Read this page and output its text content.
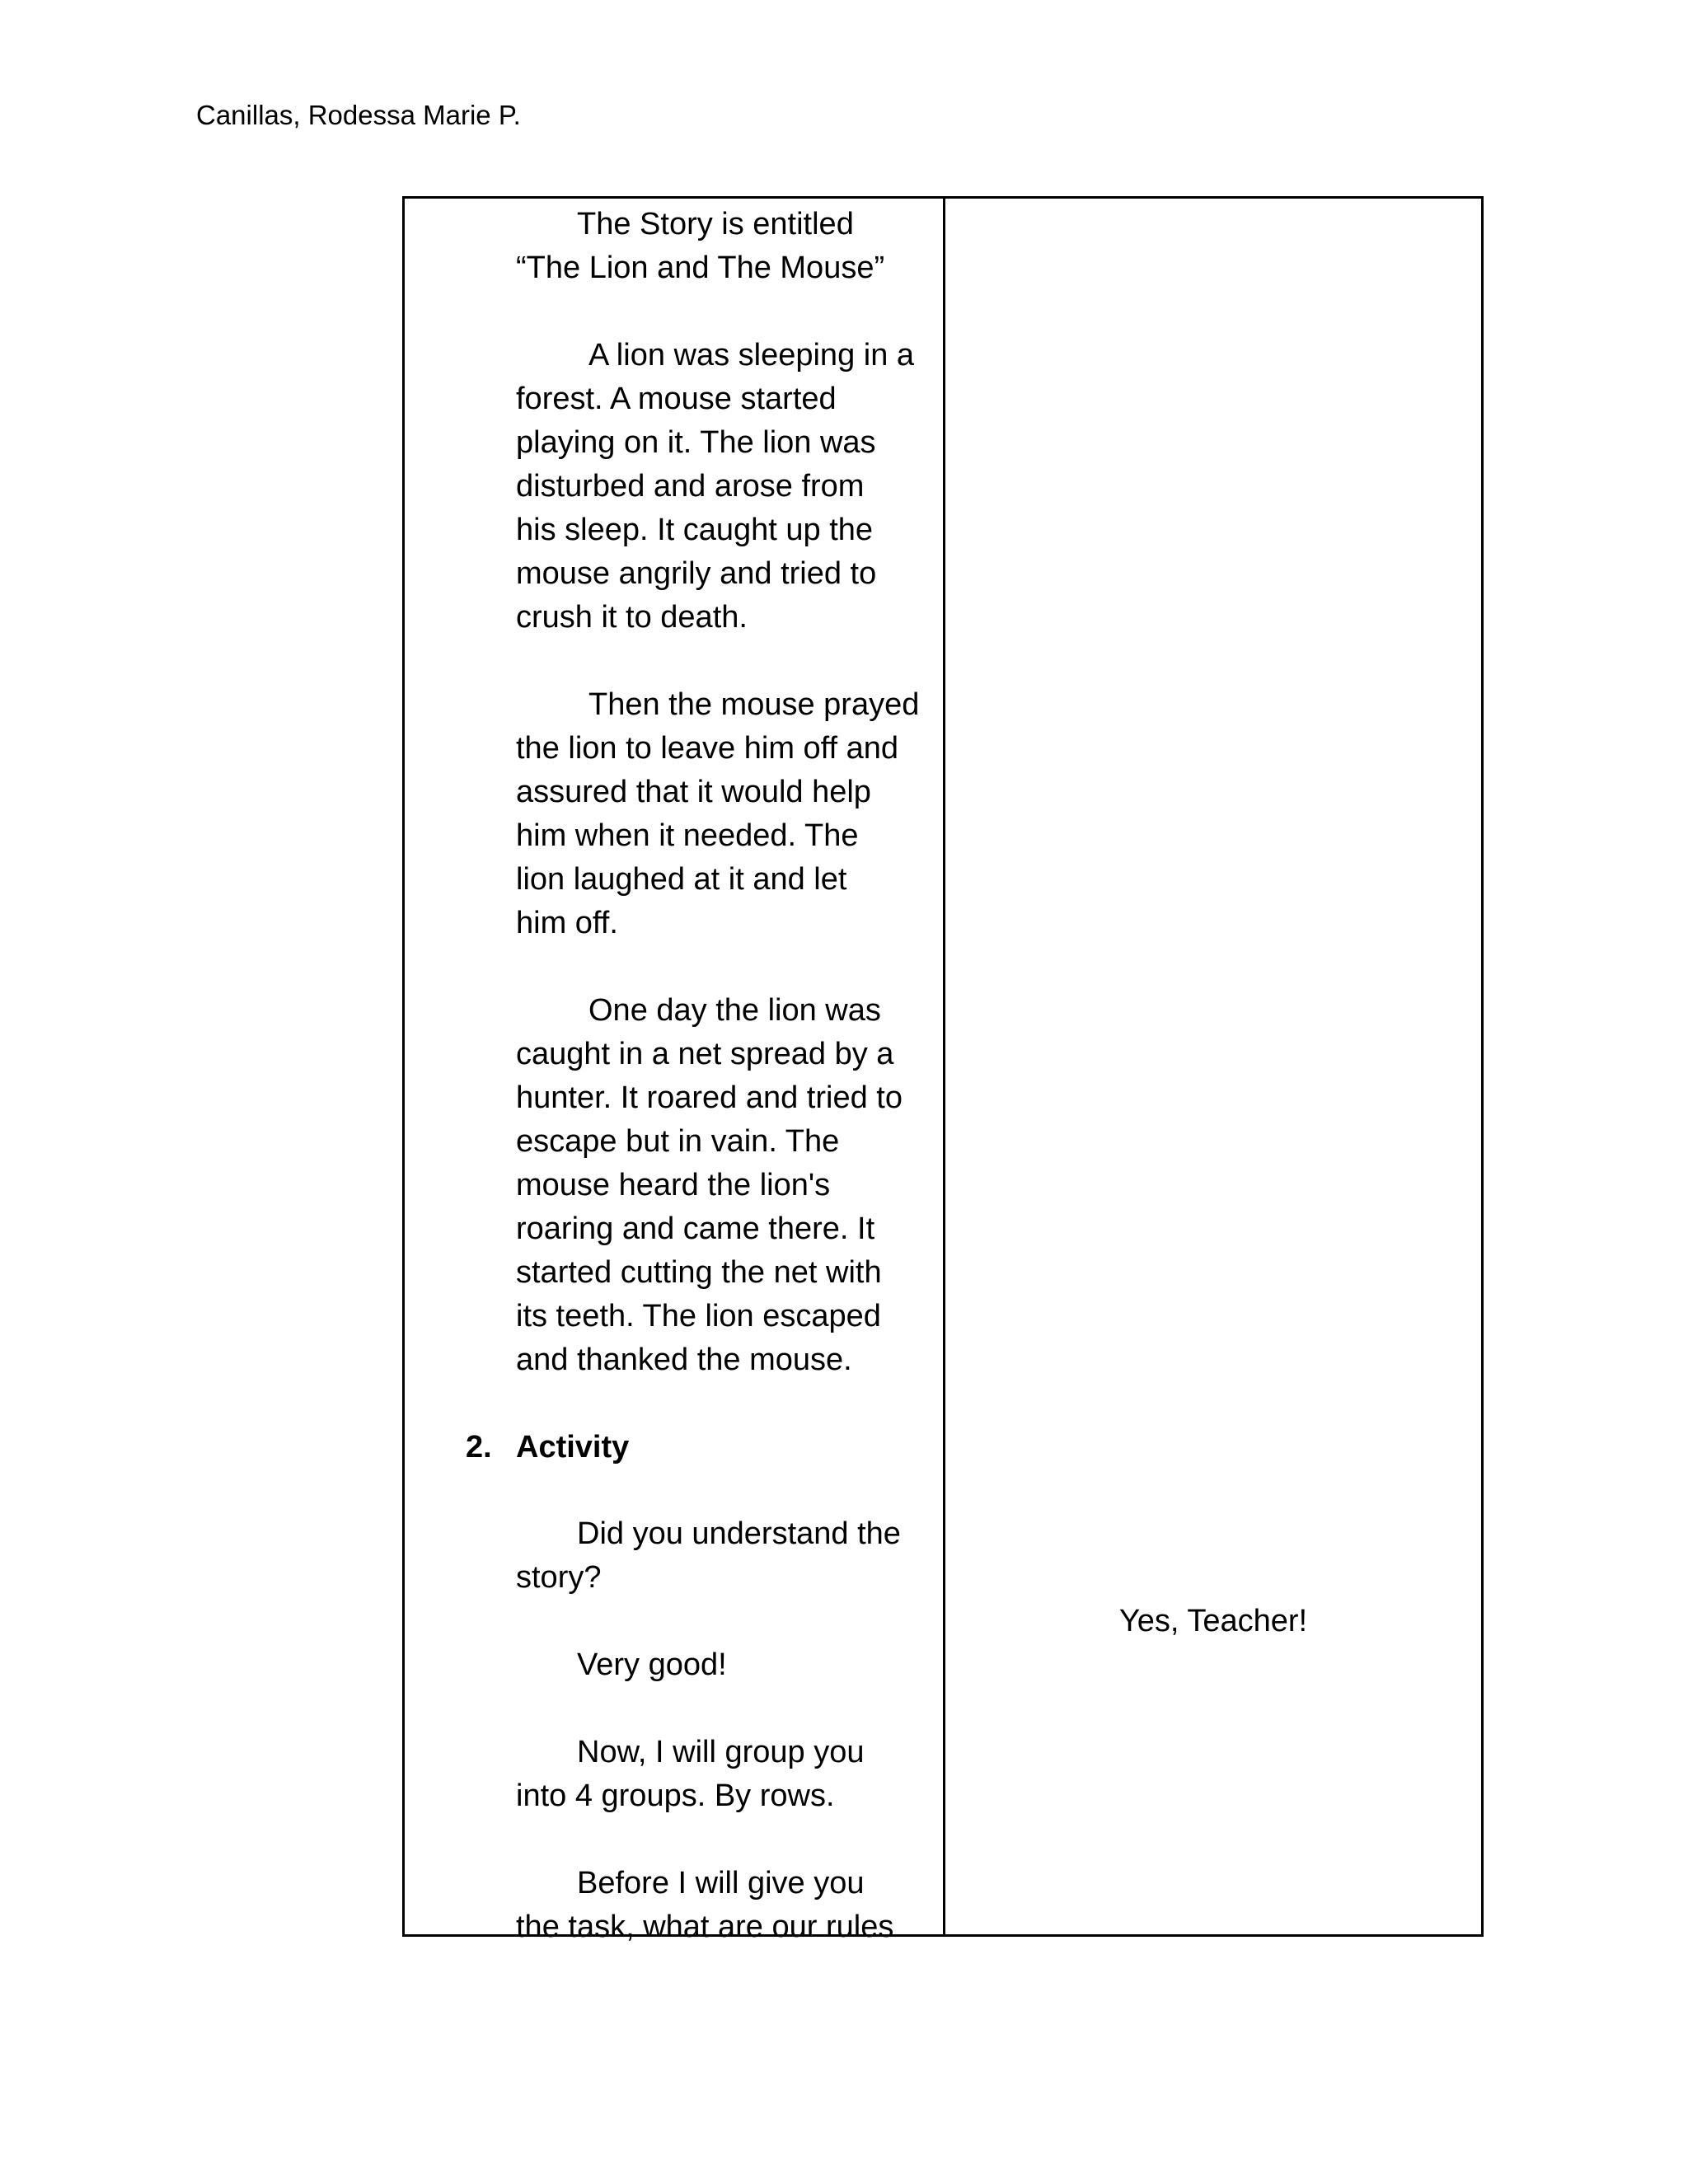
Canillas, Rodessa Marie P.
The Story is entitled
“The Lion and The Mouse”
A lion was sleeping in a
forest. A mouse started
playing on it. The lion was
disturbed and arose from
his sleep. It caught up the
mouse angrily and tried to
crush it to death.
Then the mouse prayed
the lion to leave him off and
assured that it would help
him when it needed. The
lion laughed at it and let
him off.
One day the lion was
caught in a net spread by a
hunter. It roared and tried to
escape but in vain. The
mouse heard the lion's
roaring and came there. It
started cutting the net with
its teeth. The lion escaped
and thanked the mouse.
2. Activity
Did you understand the
story?
Very good!
Now, I will group you
into 4 groups. By rows.
Before I will give you
the task, what are our rules
Yes, Teacher!
